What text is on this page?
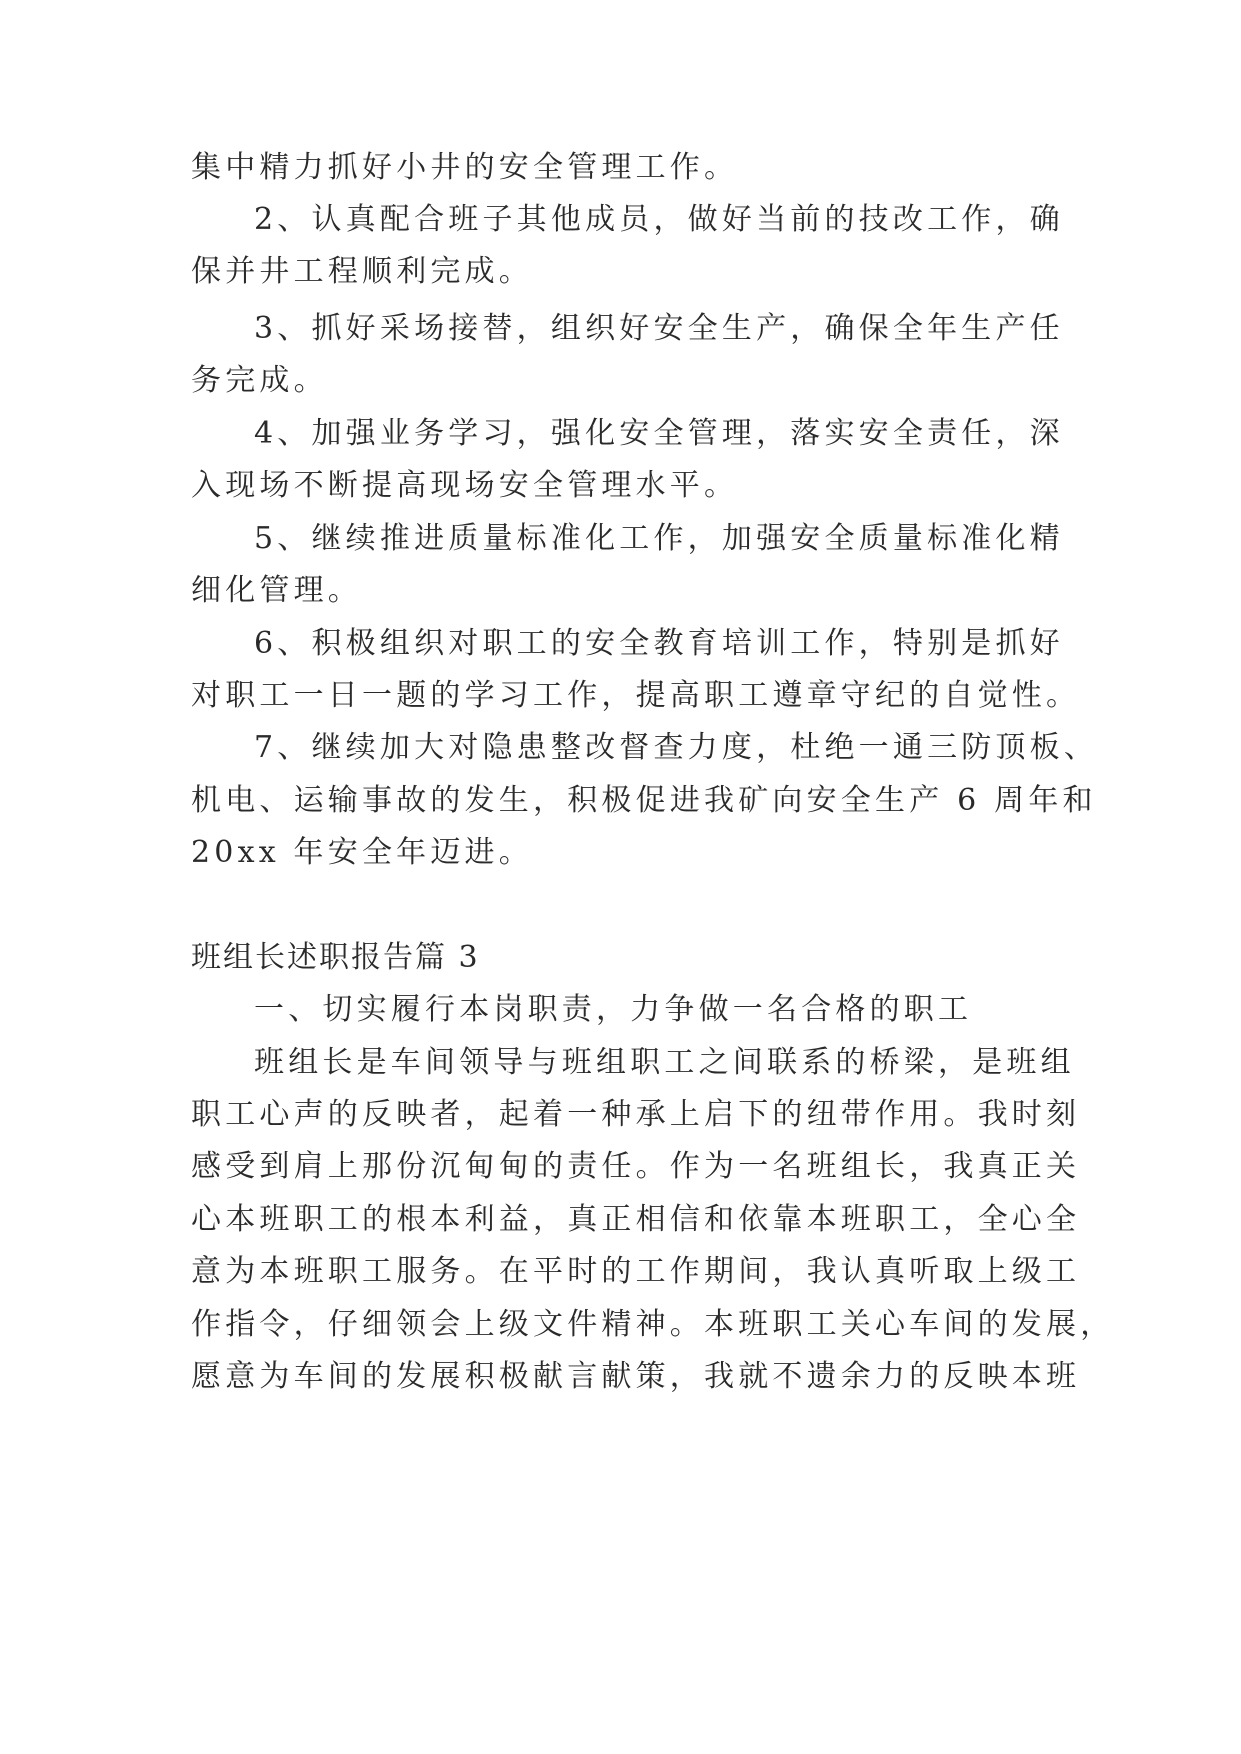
集中精力抓好小井的安全管理工作。
2、认真配合班子其他成员，做好当前的技改工作，确
保并井工程顺利完成。
3、抓好采场接替，组织好安全生产，确保全年生产任
务完成。
4、加强业务学习，强化安全管理，落实安全责任，深
入现场不断提高现场安全管理水平。
5、继续推进质量标准化工作，加强安全质量标准化精
细化管理。
6、积极组织对职工的安全教育培训工作，特别是抓好
对职工一日一题的学习工作，提高职工遵章守纪的自觉性。
7、继续加大对隐患整改督查力度，杜绝一通三防顶板、
机电、运输事故的发生，积极促进我矿向安全生产 6 周年和
20xx 年安全年迈进。
班组长述职报告篇 3
一、切实履行本岗职责，力争做一名合格的职工
班组长是车间领导与班组职工之间联系的桥梁，是班组
职工心声的反映者，起着一种承上启下的纽带作用。我时刻
感受到肩上那份沉甸甸的责任。作为一名班组长，我真正关
心本班职工的根本利益，真正相信和依靠本班职工，全心全
意为本班职工服务。在平时的工作期间，我认真听取上级工
作指令，仔细领会上级文件精神。本班职工关心车间的发展，
愿意为车间的发展积极献言献策，我就不遗余力的反映本班
